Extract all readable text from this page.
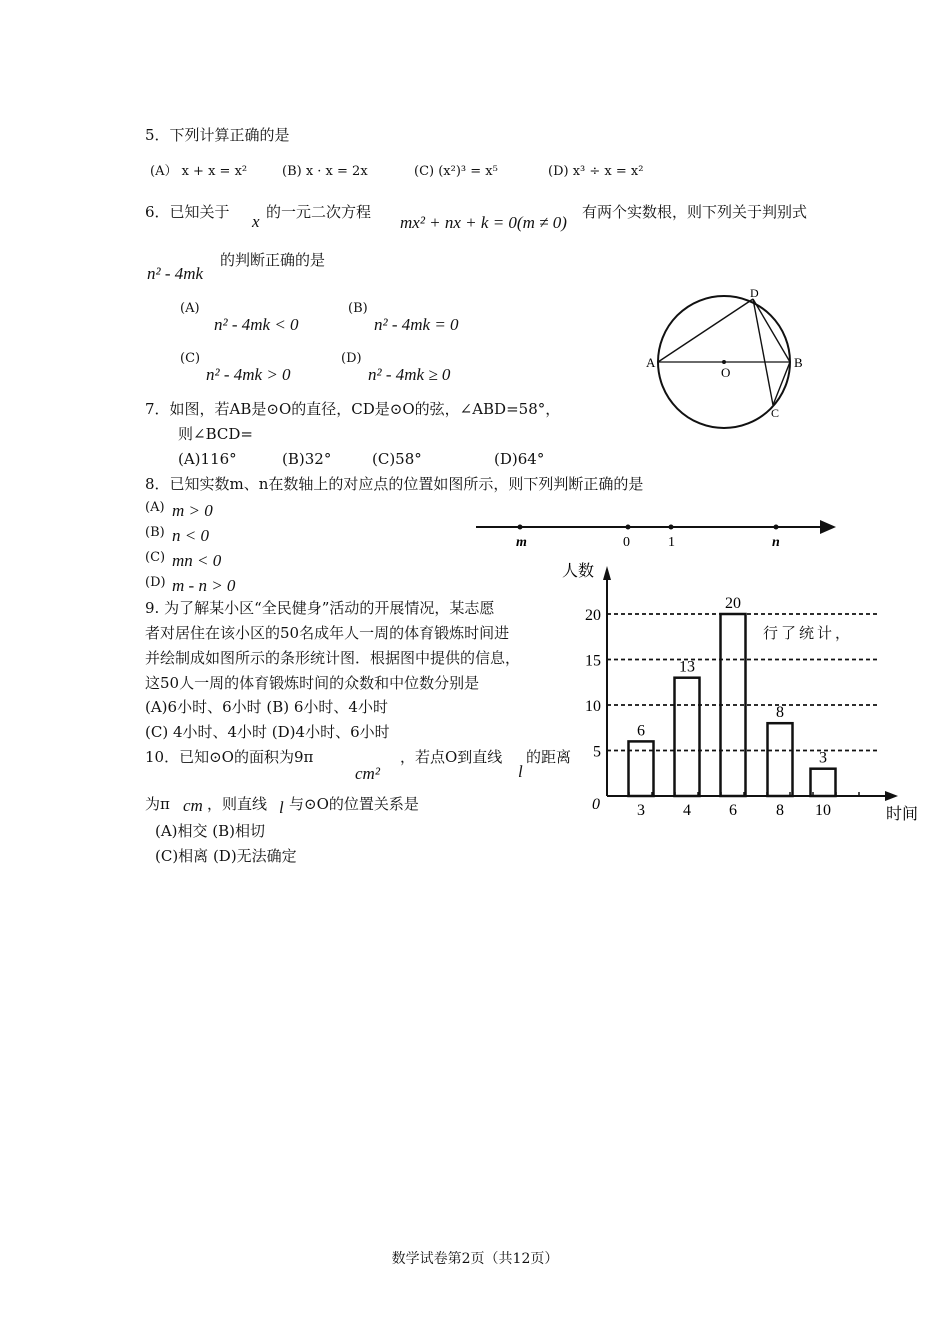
5．下列计算正确的是
(A） x + x = x²	(B) x · x = 2x	(C) (x²)³ = x⁵	(D) x³ ÷ x = x²
6．已知关于 x 的一元二次方程
mx² + nx + k = 0(m ≠ 0)
有两个实数根，则下列关于判别式
n² - 4mk
的判断正确的是
(A)
n² - 4mk < 0
(B)
n² - 4mk = 0
(C)
n² - 4mk > 0
(D)
n² - 4mk ≥ 0
A	B
C
D
O
7．如图，若AB是⊙O的直径，CD是⊙O的弦，∠ABD=58°，
则∠BCD=
(A)116°	(B)32°	(C)58°	(D)64°
8．已知实数m、n在数轴上的对应点的位置如图所示，则下列判断正确的是
(A) m > 0
(B) n < 0
(C) mn < 0
(D) m - n > 0
m	0	1	n
9. 为了解某小区“全民健身”活动的开展情况，某志愿
者对居住在该小区的50名成年人一周的体育锻炼时间进	行了统计，
并绘制成如图所示的条形统计图．根据图中提供的信息，
这50人一周的体育锻炼时间的众数和中位数分别是
(A)6小时、6小时 (B) 6小时、4小时
(C) 4小时、4小时 (D)4小时、6小时
人数
时间
0
5
10
15
20
6
3
13
4
20
6
8
8
3
10
10．已知⊙O的面积为9π
cm²
，若点O到直线
l
的距离
为π cm ，则直线 l 与⊙O的位置关系是
(A)相交 (B)相切
(C)相离 (D)无法确定
数学试卷第2页（共12页）
